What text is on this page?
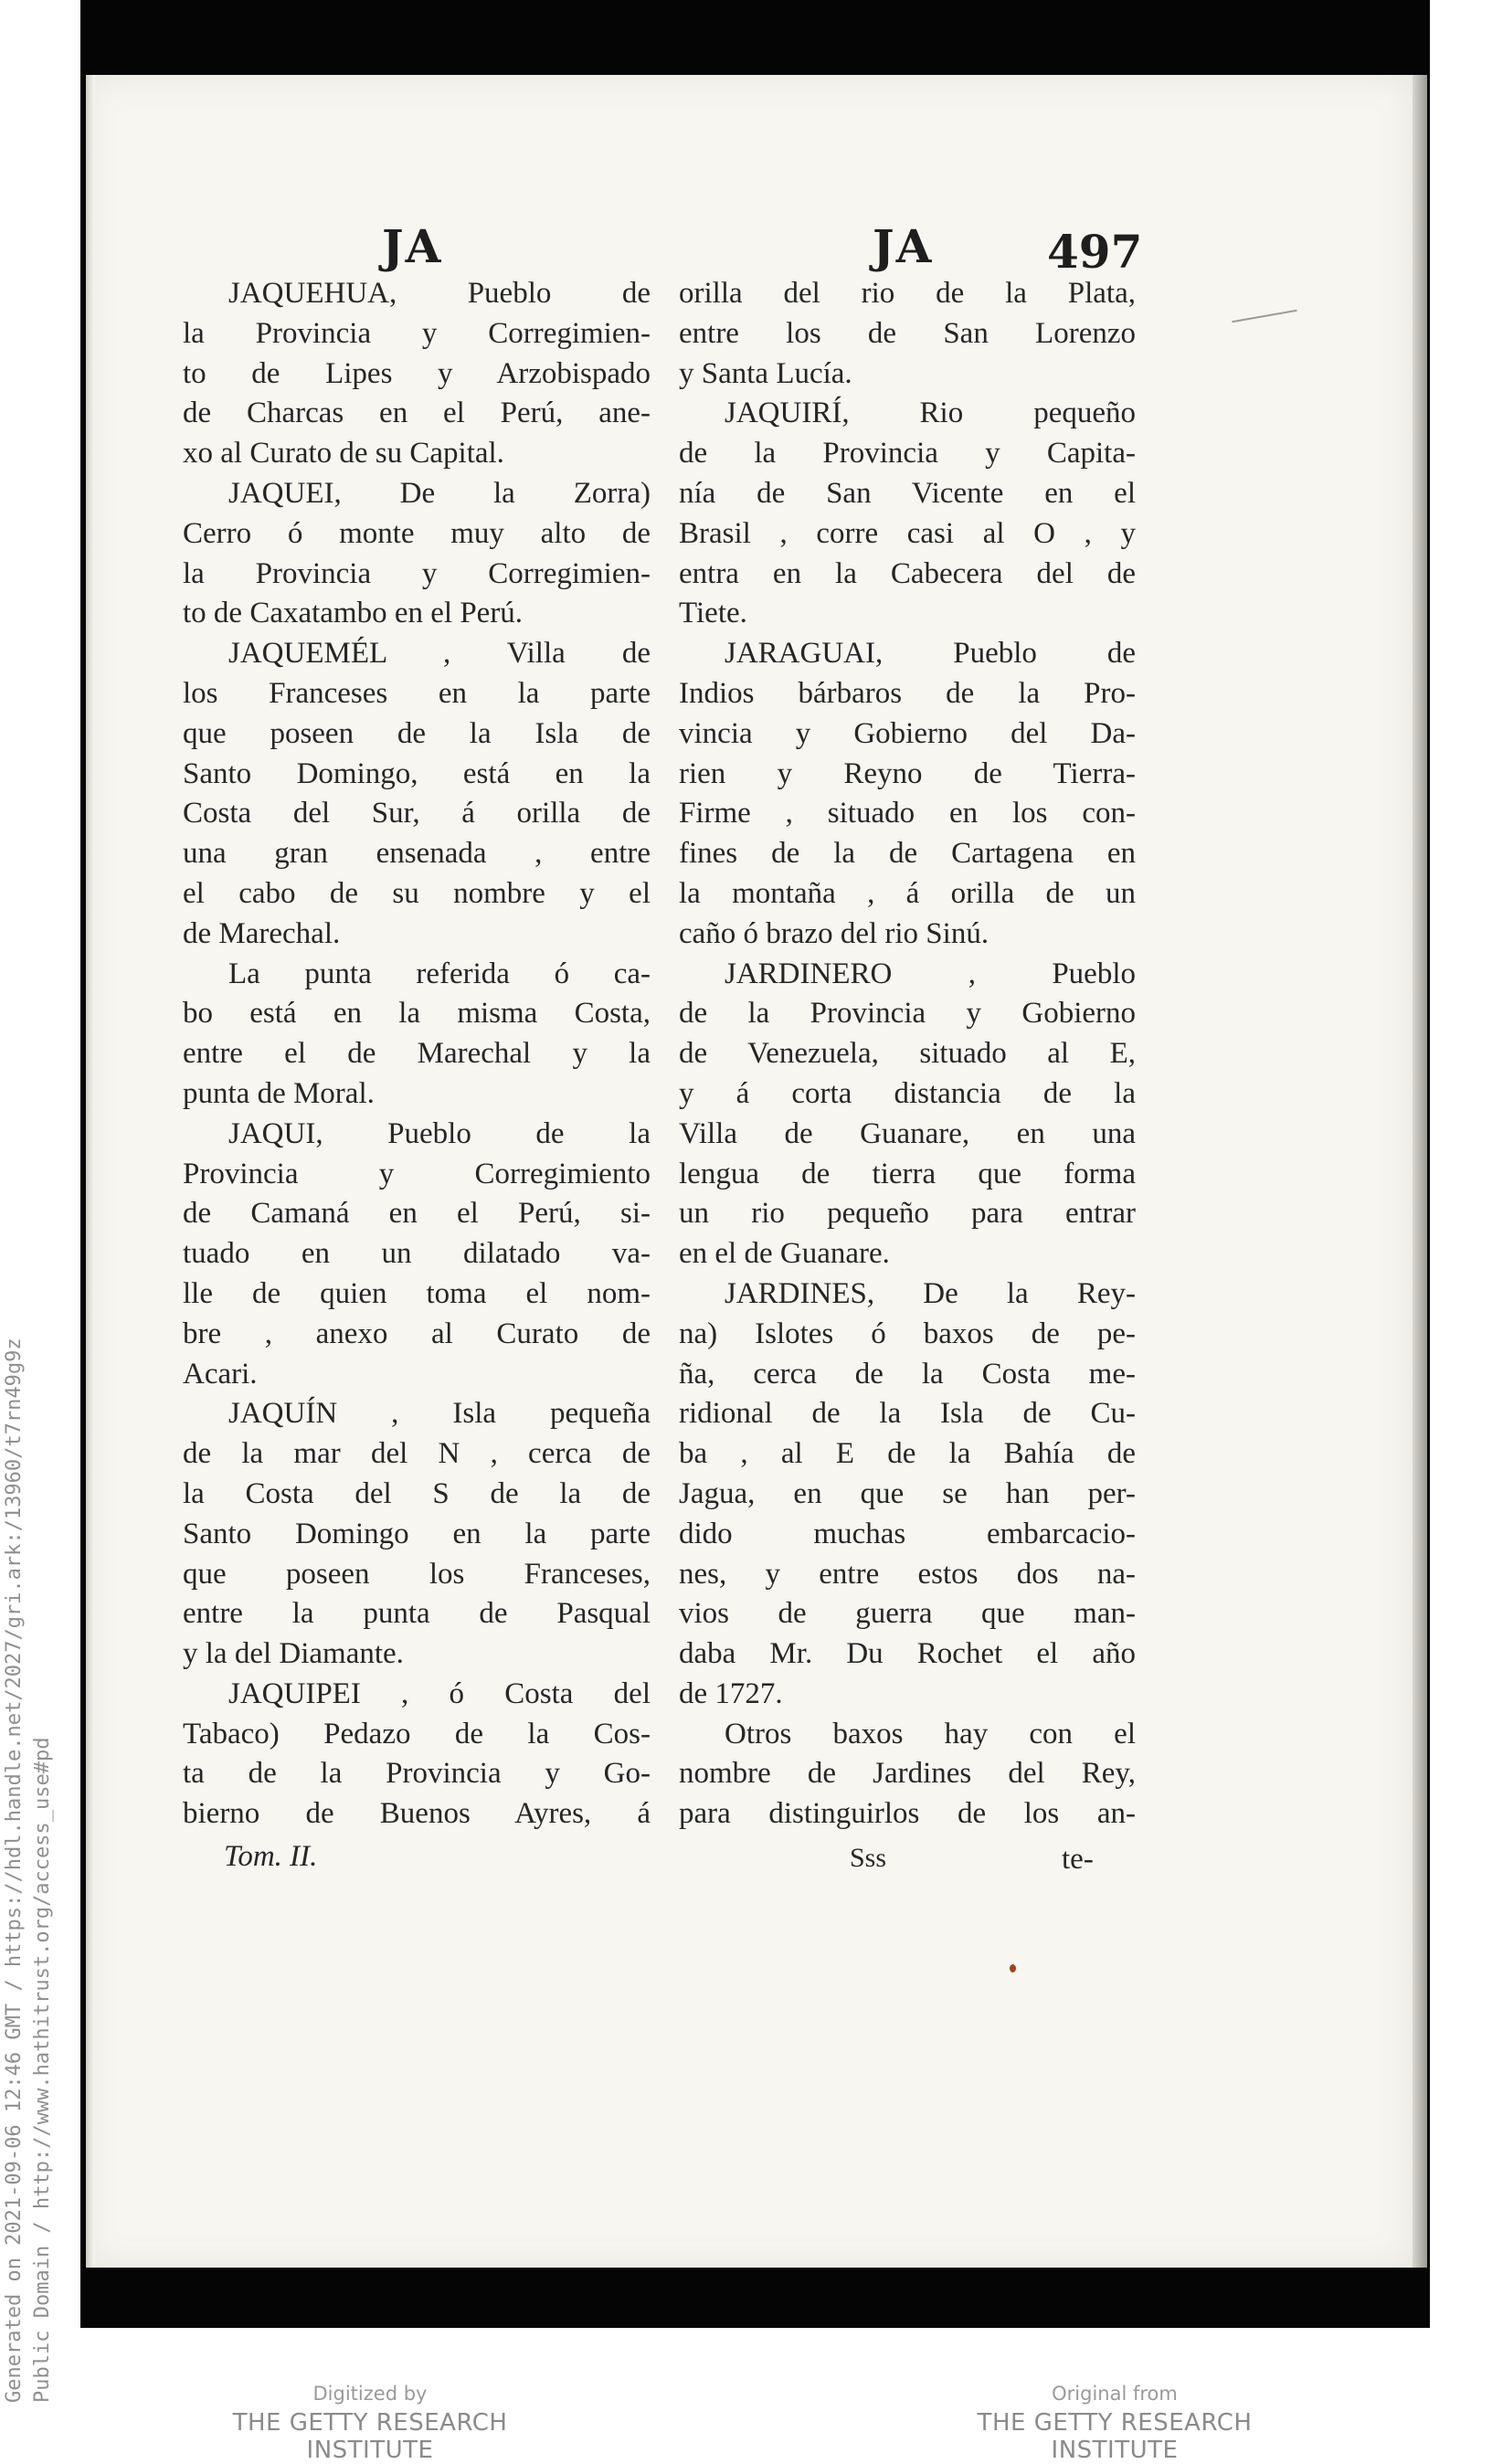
JA	JA 497
JAQUEHUA, Pueblo de
la Provincia y Corregimien-
to de Lipes y Arzobispado
de Charcas en el Perú, ane-
xo al Curato de su Capital.
JAQUEI, De la Zorra)
Cerro ó monte muy alto de
la Provincia y Corregimien-
to de Caxatambo en el Perú.
JAQUEMÉL , Villa de
los Franceses en la parte
que poseen de la Isla de
Santo Domingo, está en la
Costa del Sur, á orilla de
una gran ensenada , entre
el cabo de su nombre y el
de Marechal.
La punta referida ó ca-
bo está en la misma Costa,
entre el de Marechal y la
punta de Moral.
JAQUI, Pueblo de la
Provincia y Corregimiento
de Camaná en el Perú, si-
tuado en un dilatado va-
lle de quien toma el nom-
bre , anexo al Curato de
Acari.
JAQUÍN , Isla pequeña
de la mar del N , cerca de
la Costa del S de la de
Santo Domingo en la parte
que poseen los Franceses,
entre la punta de Pasqual
y la del Diamante.
JAQUIPEI , ó Costa del
Tabaco) Pedazo de la Cos-
ta de la Provincia y Go-
bierno de Buenos Ayres, á
orilla del rio de la Plata,
entre los de San Lorenzo
y Santa Lucía.
JAQUIRÍ, Rio pequeño
de la Provincia y Capita-
nía de San Vicente en el
Brasil , corre casi al O , y
entra en la Cabecera del de
Tiete.
JARAGUAI, Pueblo de
Indios bárbaros de la Pro-
vincia y Gobierno del Da-
rien y Reyno de Tierra-
Firme , situado en los con-
fines de la de Cartagena en
la montaña , á orilla de un
caño ó brazo del rio Sinú.
JARDINERO , Pueblo
de la Provincia y Gobierno
de Venezuela, situado al E,
y á corta distancia de la
Villa de Guanare, en una
lengua de tierra que forma
un rio pequeño para entrar
en el de Guanare.
JARDINES, De la Rey-
na) Islotes ó baxos de pe-
ña, cerca de la Costa me-
ridional de la Isla de Cu-
ba , al E de la Bahía de
Jagua, en que se han per-
dido muchas embarcacio-
nes, y entre estos dos na-
vios de guerra que man-
daba Mr. Du Rochet el año
de 1727.
Otros baxos hay con el
nombre de Jardines del Rey,
para distinguirlos de los an-
Tom. II.	Sss	te-
Generated on 2021-09-06 12:46 GMT / https://hdl.handle.net/2027/gri.ark:/13960/t7rn49g9z Public Domain / http://www.hathitrust.org/access_use#pd	Digitized by
THE GETTY RESEARCH INSTITUTE
Original from
THE GETTY RESEARCH INSTITUTE
